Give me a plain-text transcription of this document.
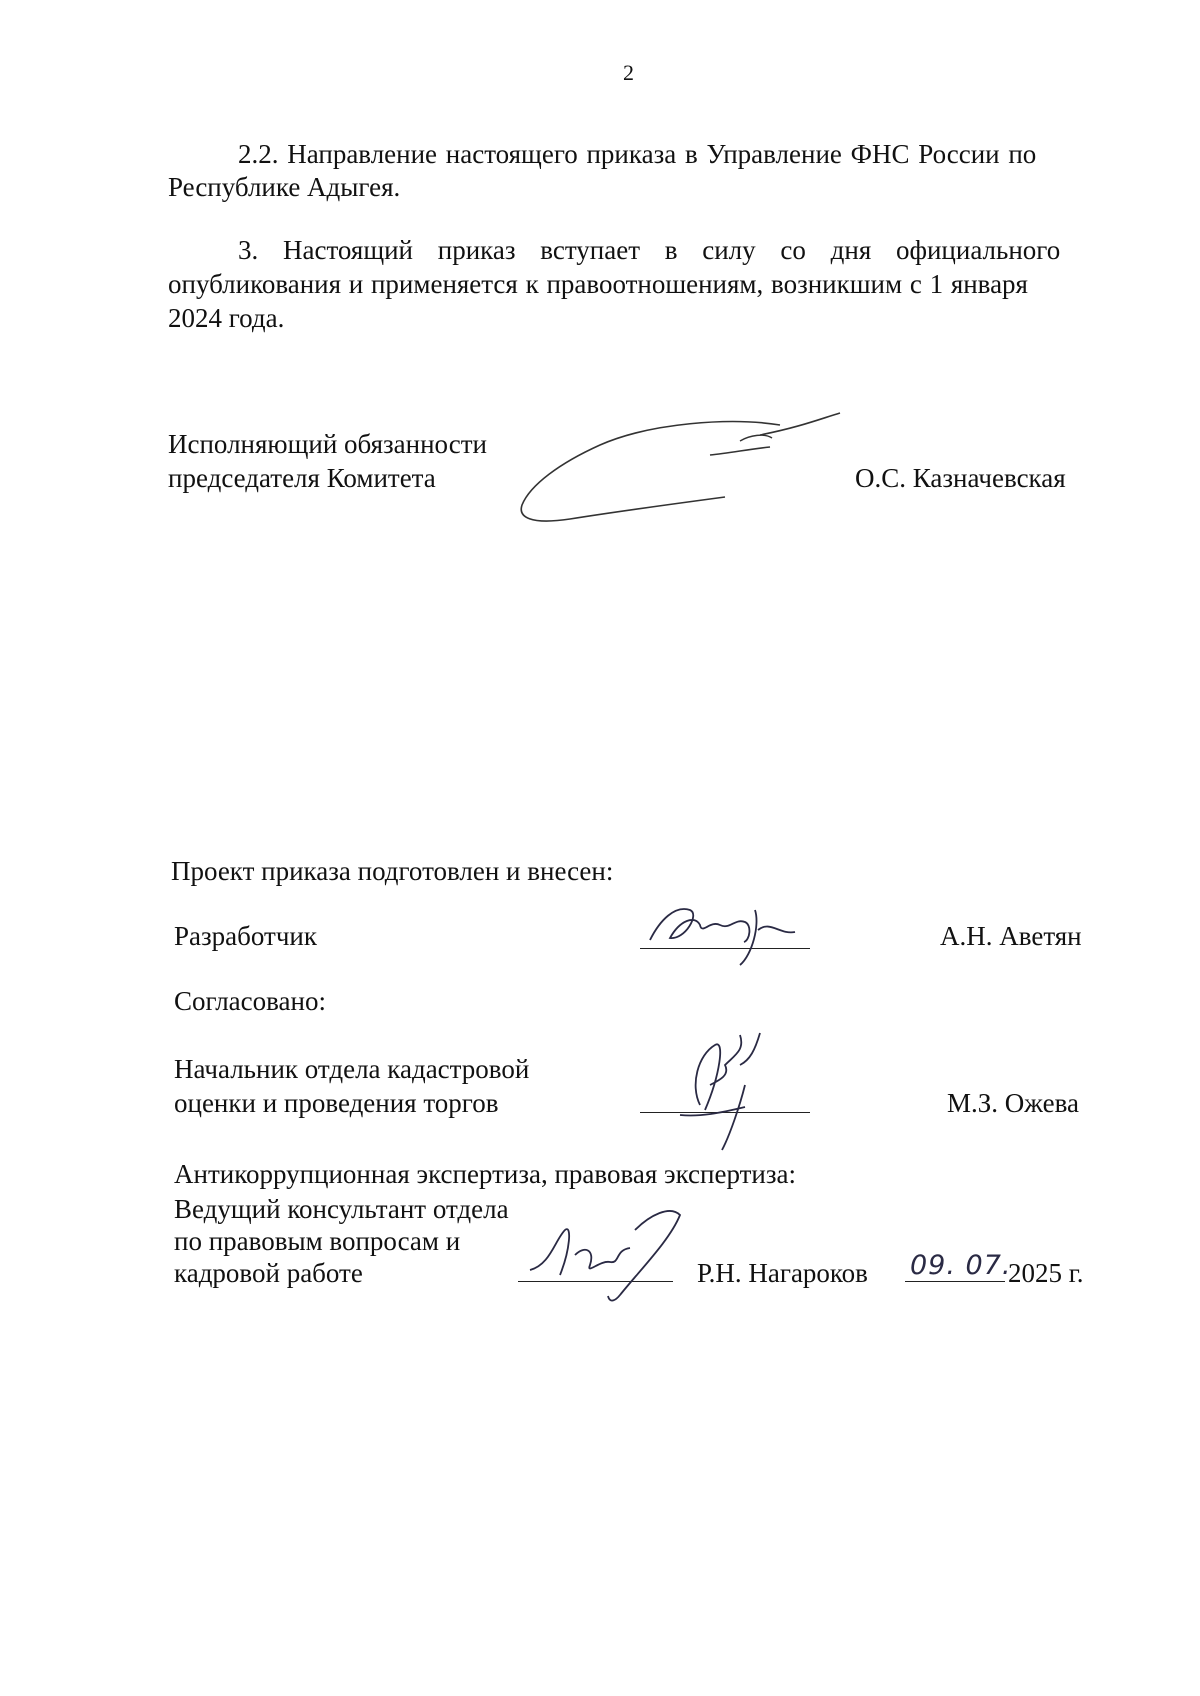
2
2.2. Направление настоящего приказа в Управление ФНС России по
Республике Адыгея.
3. Настоящий приказ вступает в силу со дня официального
опубликования и применяется к правоотношениям, возникшим с 1 января
2024 года.
Исполняющий обязанности
председателя Комитета	О.С. Казначевская
Проект приказа подготовлен и внесен:
Разработчик	А.Н. Аветян
Согласовано:
Начальник отдела кадастровой
оценки и проведения торгов	М.З. Ожева
Антикоррупционная экспертиза, правовая экспертиза:
Ведущий консультант отдела
по правовым вопросам и
кадровой работе	Р.Н. Нагароков 09. 07.
2025 г.
